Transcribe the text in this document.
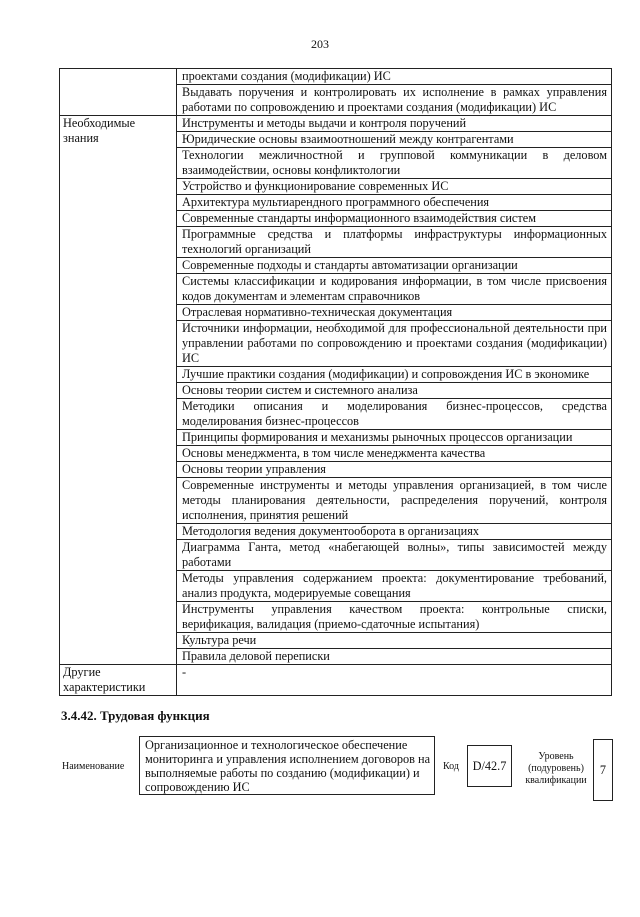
203
	проектами создания (модификации) ИС
	Выдавать поручения и контролировать их исполнение в рамках управления работами по сопровождению и проектами создания (модификации) ИС
Необходимые знания	Инструменты и методы выдачи и контроля поручений
	Юридические основы взаимоотношений между контрагентами
	Технологии межличностной и групповой коммуникации в деловом взаимодействии, основы конфликтологии
	Устройство и функционирование современных ИС
	Архитектура мультиарендного программного обеспечения
	Современные стандарты информационного взаимодействия систем
	Программные средства и платформы инфраструктуры информационных технологий организаций
	Современные подходы и стандарты автоматизации организации
	Системы классификации и кодирования информации, в том числе присвоения кодов документам и элементам справочников
	Отраслевая нормативно-техническая документация
	Источники информации, необходимой для профессиональной деятельности при управлении работами по сопровождению и проектами создания (модификации) ИС
	Лучшие практики создания (модификации) и сопровождения ИС в экономике
	Основы теории систем и системного анализа
	Методики описания и моделирования бизнес-процессов, средства моделирования бизнес-процессов
	Принципы формирования и механизмы рыночных процессов организации
	Основы менеджмента, в том числе менеджмента качества
	Основы теории управления
	Современные инструменты и методы управления организацией, в том числе методы планирования деятельности, распределения поручений, контроля исполнения, принятия решений
	Методология ведения документооборота в организациях
	Диаграмма Ганта, метод «набегающей волны», типы зависимостей между работами
	Методы управления содержанием проекта: документирование требований, анализ продукта, модерируемые совещания
	Инструменты управления качеством проекта: контрольные списки, верификация, валидация (приемо-сдаточные испытания)
	Культура речи
	Правила деловой переписки
Другие характеристики	-
3.4.42. Трудовая функция
Наименование
Организационное и технологическое обеспечение мониторинга и управления исполнением договоров на выполняемые работы по созданию (модификации) и сопровождению ИС
Код	D/42.7
Уровень (подуровень) квалификации
7
